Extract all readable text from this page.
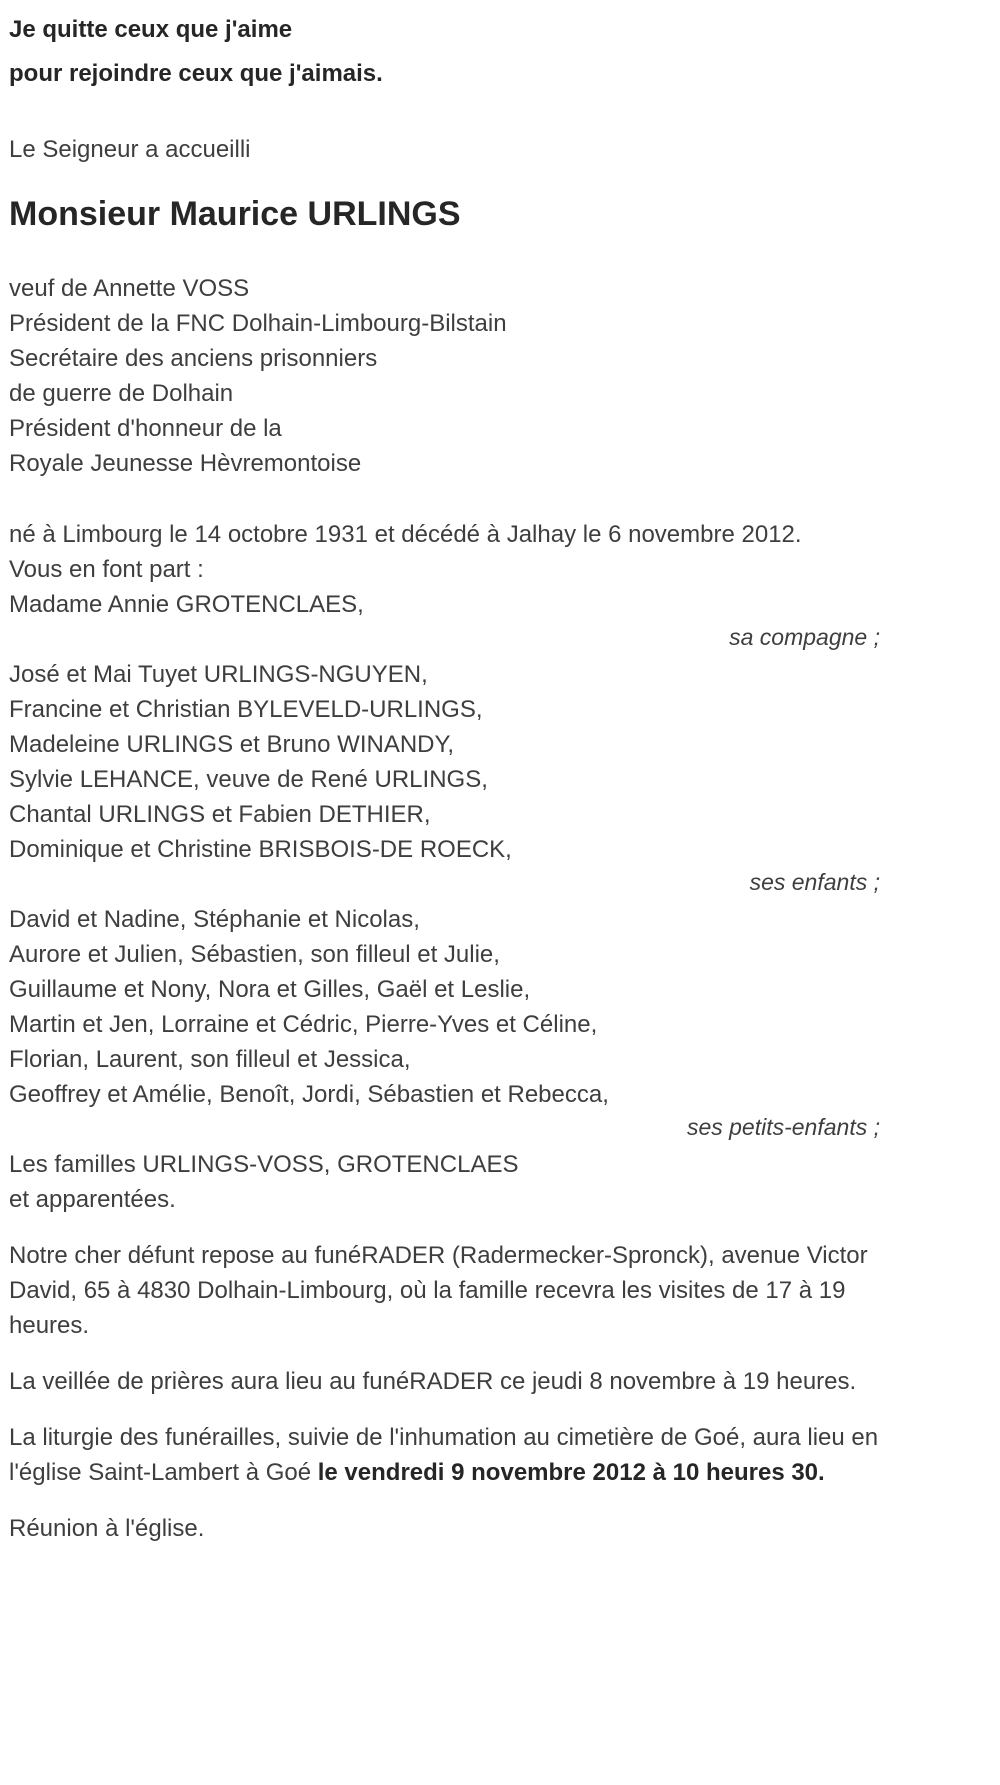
Je quitte ceux que j'aime

pour rejoindre ceux que j'aimais.

Le Seigneur a accueilli

Monsieur Maurice URLINGS

veuf de Annette VOSS

Président de la FNC Dolhain-Limbourg-Bilstain

Secrétaire des anciens prisonniers

de guerre de Dolhain

Président d'honneur de la

Royale Jeunesse Hèvremontoise

né à Limbourg le 14 octobre 1931 et décédé à Jalhay le 6 novembre 2012.

Vous en font part :

Madame Annie GROTENCLAES,

sa compagne ;

José et Mai Tuyet URLINGS-NGUYEN,

Francine et Christian BYLEVELD-URLINGS,

Madeleine URLINGS et Bruno WINANDY,

Sylvie LEHANCE, veuve de René URLINGS,

Chantal URLINGS et Fabien DETHIER,

Dominique et Christine BRISBOIS-DE ROECK,

ses enfants ;

David et Nadine, Stéphanie et Nicolas,

Aurore et Julien, Sébastien, son filleul et Julie,

Guillaume et Nony, Nora et Gilles, Gaël et Leslie,

Martin et Jen, Lorraine et Cédric, Pierre-Yves et Céline,

Florian, Laurent, son filleul et Jessica,

Geoffrey et Amélie, Benoît, Jordi, Sébastien et Rebecca,

ses petits-enfants ;

Les familles URLINGS-VOSS, GROTENCLAES

et apparentées.

Notre cher défunt repose au funéRADER (Radermecker-Spronck), avenue Victor David, 65 à 4830 Dolhain-Limbourg, où la famille recevra les visites de 17 à 19 heures.

La veillée de prières aura lieu au funéRADER ce jeudi 8 novembre à 19 heures.

La liturgie des funérailles, suivie de l'inhumation au cimetière de Goé, aura lieu en l'église Saint-Lambert à Goé le vendredi 9 novembre 2012 à 10 heures 30.

Réunion à l'église.
